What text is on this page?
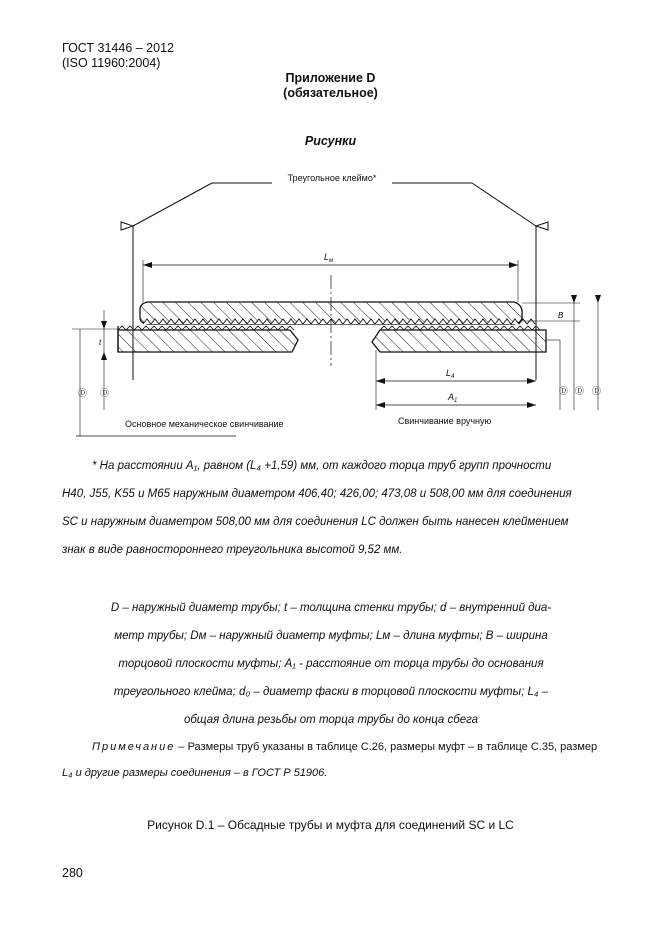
ГОСТ 31446 – 2012
(ISO 11960:2004)
Приложение D
(обязательное)
Рисунки
Треугольное клеймо*
$L_м$
t
Ⓓ Ⓓ
B
Ⓓ Ⓓ Ⓓ
$L_4$
$A_1$
Основное механическое свинчивание	Свинчивание вручную

* На расстоянии A₁, равном (L₄ +1,59) мм, от каждого торца труб групп прочности

H40, J55, K55 и M65 наружным диаметром 406,40; 426,00; 473,08 и 508,00 мм для соединения

SC и наружным диаметром 508,00 мм для соединения LC должен быть нанесен клеймением

знак в виде равностороннего треугольника высотой 9,52 мм.

D – наружный диаметр трубы; t – толщина стенки трубы; d – внутренний диа-

метр трубы; Dм – наружный диаметр муфты; Lм – длина муфты; B – ширина

торцовой плоскости муфты; A₁ - расстояние от торца трубы до основания

треугольного клейма; d₀ – диаметр фаски в торцовой плоскости муфты; L₄ –

общая длина резьбы от торца трубы до конца сбега

Примечание – Размеры труб указаны в таблице С.26, размеры муфт – в таблице С.35, размер

L₄ и другие размеры соединения – в ГОСТ Р 51906.

Рисунок D.1 – Обсадные трубы и муфта для соединений SC и LC
280
